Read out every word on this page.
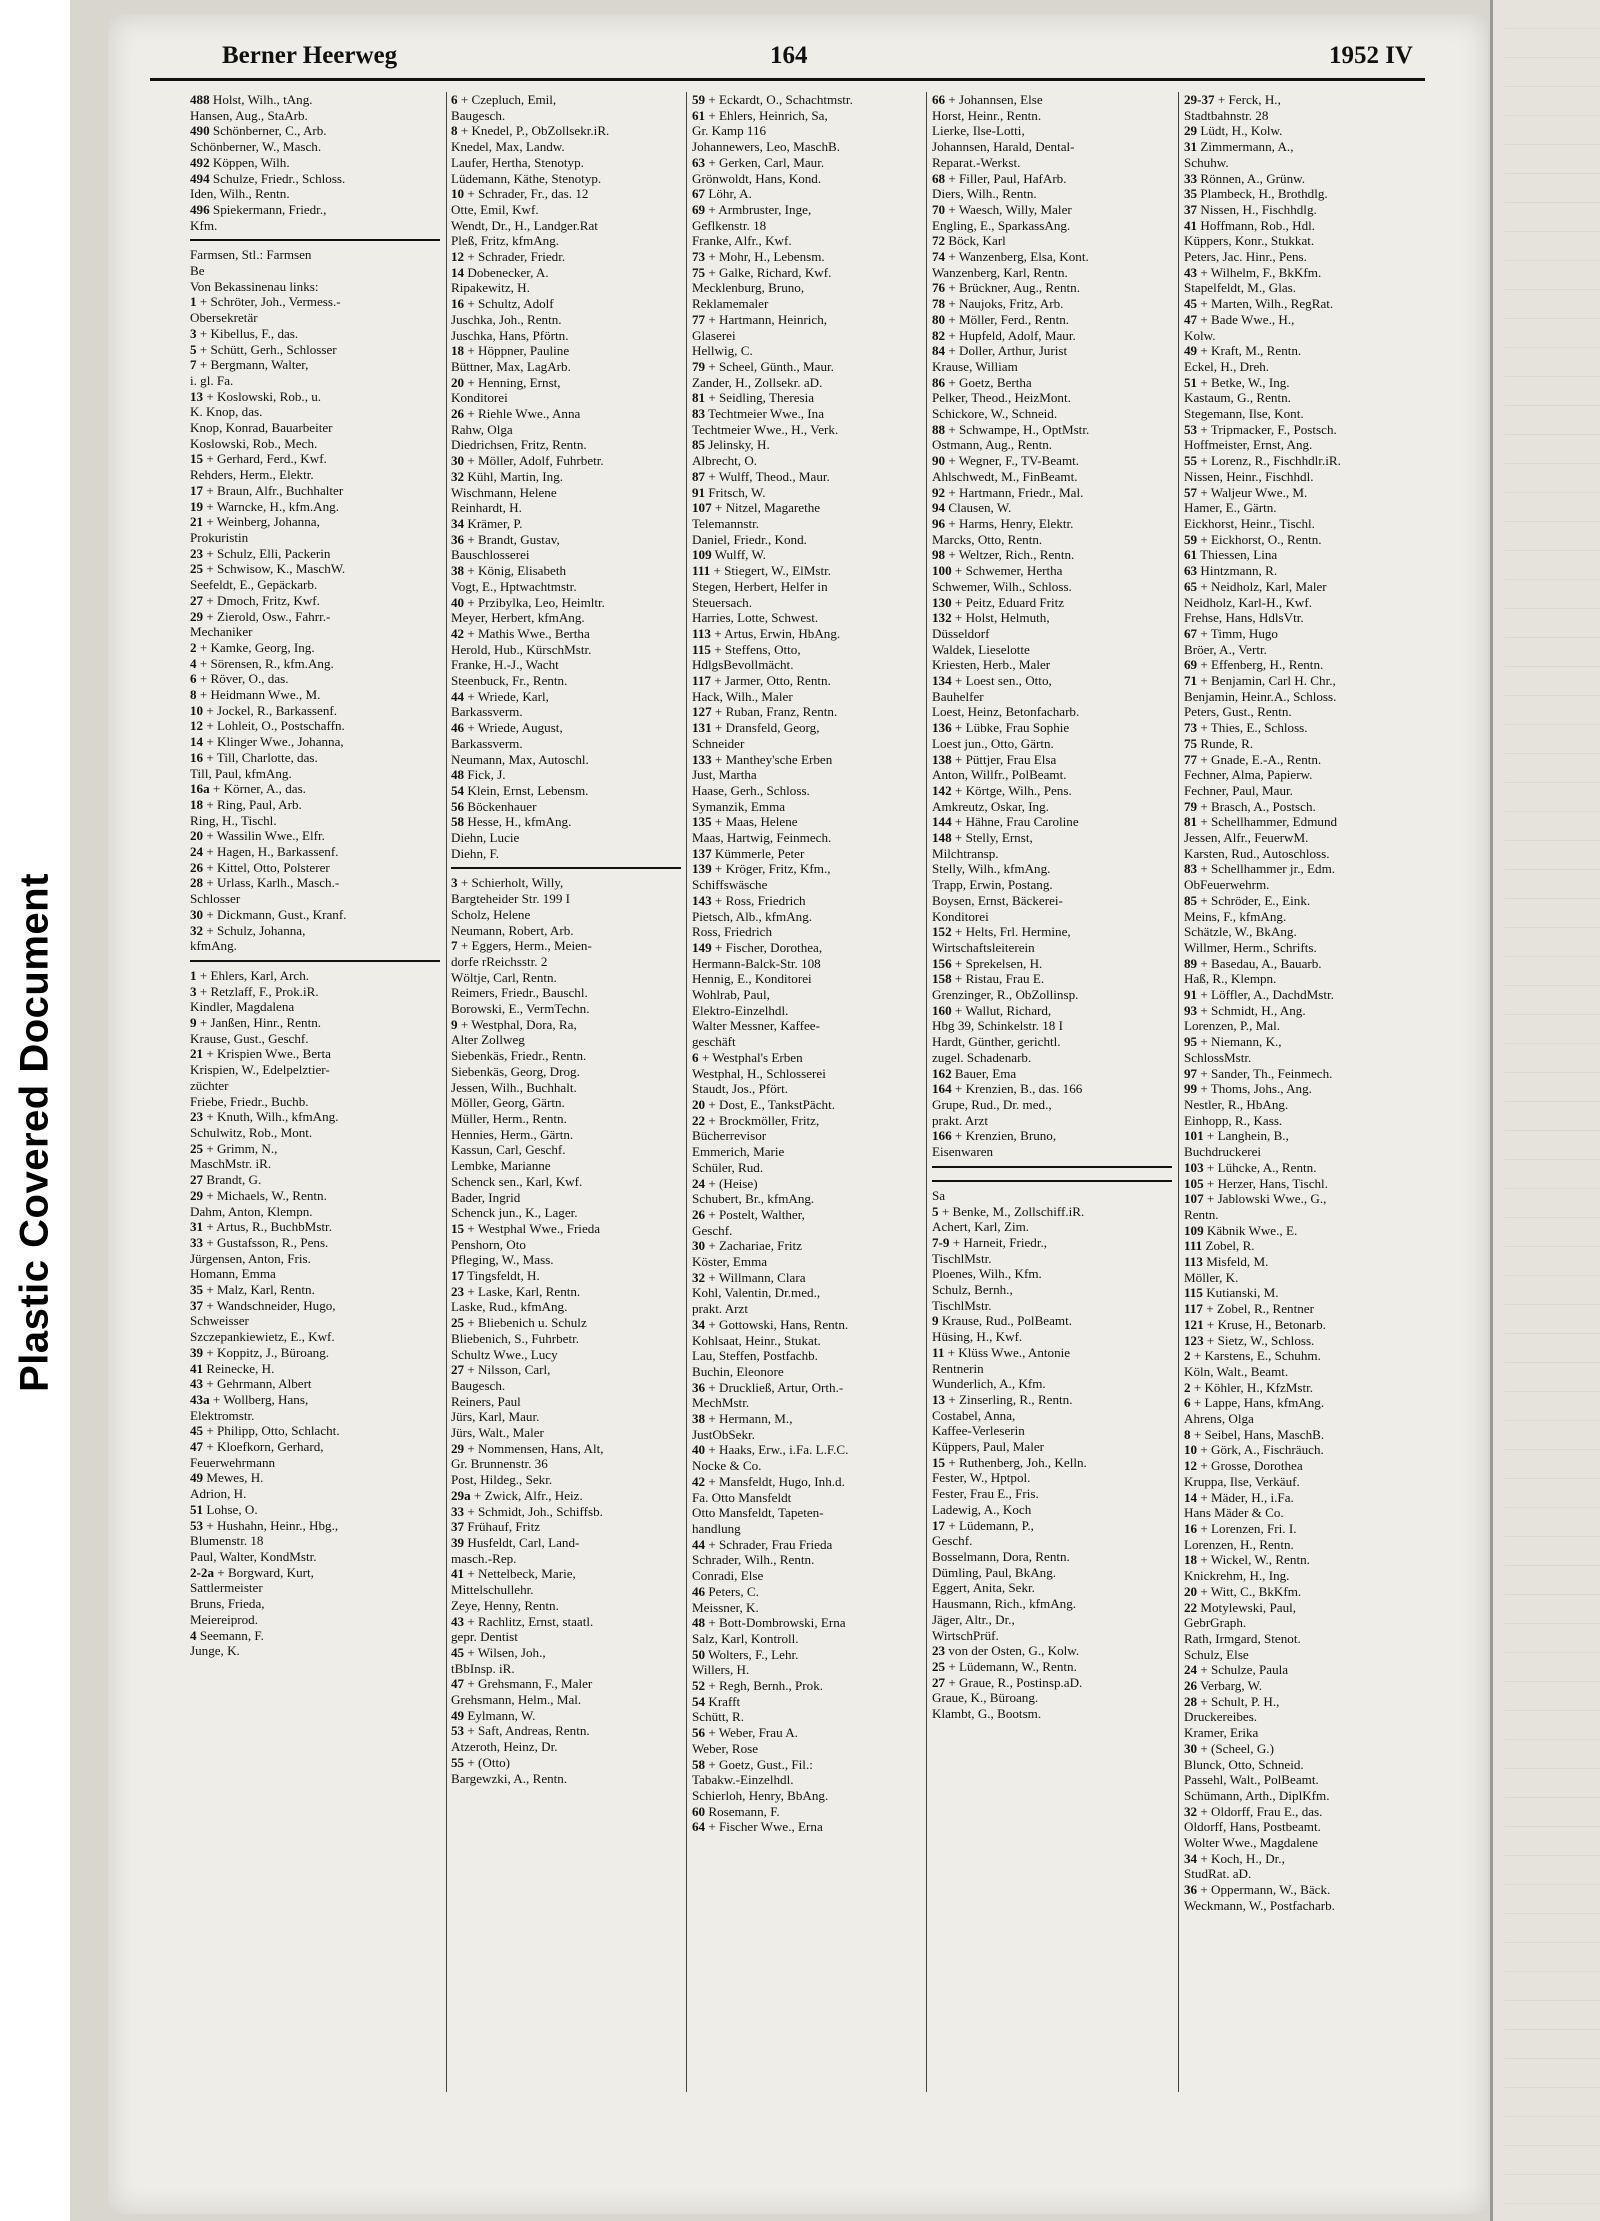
Plastic Covered Document
Berner Heerweg	164	1952 IV
488 Holst, Wilh., tAng.
Hansen, Aug., StaArb.
490 Schönberner, C., Arb.
Schönberner, W., Masch.
492 Köppen, Wilh.
494 Schulze, Friedr., Schloss.
Iden, Wilh., Rentn.
496 Spiekermann, Friedr.,
Kfm.
Farmsen, Stl.: Farmsen
Be
Von Bekassinenau links:
1 + Schröter, Joh., Vermess.-
Obersekretär
3 + Kibellus, F., das.
5 + Schütt, Gerh., Schlosser
7 + Bergmann, Walter,
i. gl. Fa.
13 + Koslowski, Rob., u.
K. Knop, das.
Knop, Konrad, Bauarbeiter
Koslowski, Rob., Mech.
15 + Gerhard, Ferd., Kwf.
Rehders, Herm., Elektr.
17 + Braun, Alfr., Buchhalter
19 + Warncke, H., kfm.Ang.
21 + Weinberg, Johanna,
Prokuristin
23 + Schulz, Elli, Packerin
25 + Schwisow, K., MaschW.
Seefeldt, E., Gepäckarb.
27 + Dmoch, Fritz, Kwf.
29 + Zierold, Osw., Fahrr.-
Mechaniker
2 + Kamke, Georg, Ing.
4 + Sörensen, R., kfm.Ang.
6 + Röver, O., das.
8 + Heidmann Wwe., M.
10 + Jockel, R., Barkassenf.
12 + Lohleit, O., Postschaffn.
14 + Klinger Wwe., Johanna,
16 + Till, Charlotte, das.
Till, Paul, kfmAng.
16a + Körner, A., das.
18 + Ring, Paul, Arb.
Ring, H., Tischl.
20 + Wassilin Wwe., Elfr.
24 + Hagen, H., Barkassenf.
26 + Kittel, Otto, Polsterer
28 + Urlass, Karlh., Masch.-
Schlosser
30 + Dickmann, Gust., Kranf.
32 + Schulz, Johanna,
kfmAng.
1 + Ehlers, Karl, Arch.
3 + Retzlaff, F., Prok.iR.
Kindler, Magdalena
9 + Janßen, Hinr., Rentn.
Krause, Gust., Geschf.
21 + Krispien Wwe., Berta
Krispien, W., Edelpelztier-
züchter
Friebe, Friedr., Buchb.
23 + Knuth, Wilh., kfmAng.
Schulwitz, Rob., Mont.
25 + Grimm, N.,
MaschMstr. iR.
27 Brandt, G.
29 + Michaels, W., Rentn.
Dahm, Anton, Klempn.
31 + Artus, R., BuchbMstr.
33 + Gustafsson, R., Pens.
Jürgensen, Anton, Fris.
Homann, Emma
35 + Malz, Karl, Rentn.
37 + Wandschneider, Hugo,
Schweisser
Szczepankiewietz, E., Kwf.
39 + Koppitz, J., Büroang.
41 Reinecke, H.
43 + Gehrmann, Albert
43a + Wollberg, Hans,
Elektromstr.
45 + Philipp, Otto, Schlacht.
47 + Kloefkorn, Gerhard,
Feuerwehrmann
49 Mewes, H.
Adrion, H.
51 Lohse, O.
53 + Hushahn, Heinr., Hbg.,
Blumenstr. 18
Paul, Walter, KondMstr.
2-2a + Borgward, Kurt,
Sattlermeister
Bruns, Frieda,
Meiereiprod.
4 Seemann, F.
Junge, K.
6 + Czepluch, Emil,
Baugesch.
8 + Knedel, P., ObZollsekr.iR.
Knedel, Max, Landw.
Laufer, Hertha, Stenotyp.
Lüdemann, Käthe, Stenotyp.
10 + Schrader, Fr., das. 12
Otte, Emil, Kwf.
Wendt, Dr., H., Landger.Rat
Pleß, Fritz, kfmAng.
12 + Schrader, Friedr.
14 Dobenecker, A.
Ripakewitz, H.
16 + Schultz, Adolf
Juschka, Joh., Rentn.
Juschka, Hans, Pförtn.
18 + Höppner, Pauline
Büttner, Max, LagArb.
20 + Henning, Ernst,
Konditorei
26 + Riehle Wwe., Anna
Rahw, Olga
Diedrichsen, Fritz, Rentn.
30 + Möller, Adolf, Fuhrbetr.
32 Kühl, Martin, Ing.
Wischmann, Helene
Reinhardt, H.
34 Krämer, P.
36 + Brandt, Gustav,
Bauschlosserei
38 + König, Elisabeth
Vogt, E., Hptwachtmstr.
40 + Przibylka, Leo, Heimltr.
Meyer, Herbert, kfmAng.
42 + Mathis Wwe., Bertha
Herold, Hub., KürschMstr.
Franke, H.-J., Wacht
Steenbuck, Fr., Rentn.
44 + Wriede, Karl,
Barkassverm.
46 + Wriede, August,
Barkassverm.
Neumann, Max, Autoschl.
48 Fick, J.
54 Klein, Ernst, Lebensm.
56 Böckenhauer
58 Hesse, H., kfmAng.
Diehn, Lucie
Diehn, F.
3 + Schierholt, Willy,
Bargteheider Str. 199 I
Scholz, Helene
Neumann, Robert, Arb.
7 + Eggers, Herm., Meien-
dorfe rReichsstr. 2
Wöltje, Carl, Rentn.
Reimers, Friedr., Bauschl.
Borowski, E., VermTechn.
9 + Westphal, Dora, Ra,
Alter Zollweg
Siebenkäs, Friedr., Rentn.
Siebenkäs, Georg, Drog.
Jessen, Wilh., Buchhalt.
Möller, Georg, Gärtn.
Müller, Herm., Rentn.
Hennies, Herm., Gärtn.
Kassun, Carl, Geschf.
Lembke, Marianne
Schenck sen., Karl, Kwf.
Bader, Ingrid
Schenck jun., K., Lager.
15 + Westphal Wwe., Frieda
Penshorn, Oto
Pfleging, W., Mass.
17 Tingsfeldt, H.
23 + Laske, Karl, Rentn.
Laske, Rud., kfmAng.
25 + Bliebenich u. Schulz
Bliebenich, S., Fuhrbetr.
Schultz Wwe., Lucy
27 + Nilsson, Carl,
Baugesch.
Reiners, Paul
Jürs, Karl, Maur.
Jürs, Walt., Maler
29 + Nommensen, Hans, Alt,
Gr. Brunnenstr. 36
Post, Hildeg., Sekr.
29a + Zwick, Alfr., Heiz.
33 + Schmidt, Joh., Schiffsb.
37 Frühauf, Fritz
39 Husfeldt, Carl, Land-
masch.-Rep.
41 + Nettelbeck, Marie,
Mittelschullehr.
Zeye, Henny, Rentn.
43 + Rachlitz, Ernst, staatl.
gepr. Dentist
45 + Wilsen, Joh.,
tBbInsp. iR.
47 + Grehsmann, F., Maler
Grehsmann, Helm., Mal.
49 Eylmann, W.
53 + Saft, Andreas, Rentn.
Atzeroth, Heinz, Dr.
55 + (Otto)
Bargewzki, A., Rentn.
59 + Eckardt, O., Schachtmstr.
61 + Ehlers, Heinrich, Sa,
Gr. Kamp 116
Johannewers, Leo, MaschB.
63 + Gerken, Carl, Maur.
Grönwoldt, Hans, Kond.
67 Löhr, A.
69 + Armbruster, Inge,
Geflkenstr. 18
Franke, Alfr., Kwf.
73 + Mohr, H., Lebensm.
75 + Galke, Richard, Kwf.
Mecklenburg, Bruno,
Reklamemaler
77 + Hartmann, Heinrich,
Glaserei
Hellwig, C.
79 + Scheel, Günth., Maur.
Zander, H., Zollsekr. aD.
81 + Seidling, Theresia
83 Techtmeier Wwe., Ina
Techtmeier Wwe., H., Verk.
85 Jelinsky, H.
Albrecht, O.
87 + Wulff, Theod., Maur.
91 Fritsch, W.
107 + Nitzel, Magarethe
Telemannstr.
Daniel, Friedr., Kond.
109 Wulff, W.
111 + Stiegert, W., ElMstr.
Stegen, Herbert, Helfer in
Steuersach.
Harries, Lotte, Schwest.
113 + Artus, Erwin, HbAng.
115 + Steffens, Otto,
HdlgsBevollmächt.
117 + Jarmer, Otto, Rentn.
Hack, Wilh., Maler
127 + Ruban, Franz, Rentn.
131 + Dransfeld, Georg,
Schneider
133 + Manthey'sche Erben
Just, Martha
Haase, Gerh., Schloss.
Symanzik, Emma
135 + Maas, Helene
Maas, Hartwig, Feinmech.
137 Kümmerle, Peter
139 + Kröger, Fritz, Kfm.,
Schiffswäsche
143 + Ross, Friedrich
Pietsch, Alb., kfmAng.
Ross, Friedrich
149 + Fischer, Dorothea,
Hermann-Balck-Str. 108
Hennig, E., Konditorei
Wohlrab, Paul,
Elektro-Einzelhdl.
Walter Messner, Kaffee-
geschäft
6 + Westphal's Erben
Westphal, H., Schlosserei
Staudt, Jos., Pfört.
20 + Dost, E., TankstPächt.
22 + Brockmöller, Fritz,
Bücherrevisor
Emmerich, Marie
Schüler, Rud.
24 + (Heise)
Schubert, Br., kfmAng.
26 + Postelt, Walther,
Geschf.
30 + Zachariae, Fritz
Köster, Emma
32 + Willmann, Clara
Kohl, Valentin, Dr.med.,
prakt. Arzt
34 + Gottowski, Hans, Rentn.
Kohlsaat, Heinr., Stukat.
Lau, Steffen, Postfachb.
Buchin, Eleonore
36 + Druckließ, Artur, Orth.-
MechMstr.
38 + Hermann, M.,
JustObSekr.
40 + Haaks, Erw., i.Fa. L.F.C.
Nocke & Co.
42 + Mansfeldt, Hugo, Inh.d.
Fa. Otto Mansfeldt
Otto Mansfeldt, Tapeten-
handlung
44 + Schrader, Frau Frieda
Schrader, Wilh., Rentn.
Conradi, Else
46 Peters, C.
Meissner, K.
48 + Bott-Dombrowski, Erna
Salz, Karl, Kontroll.
50 Wolters, F., Lehr.
Willers, H.
52 + Regh, Bernh., Prok.
54 Krafft
Schütt, R.
56 + Weber, Frau A.
Weber, Rose
58 + Goetz, Gust., Fil.:
Tabakw.-Einzelhdl.
Schierloh, Henry, BbAng.
60 Rosemann, F.
64 + Fischer Wwe., Erna
66 + Johannsen, Else
Horst, Heinr., Rentn.
Lierke, Ilse-Lotti,
Johannsen, Harald, Dental-
Reparat.-Werkst.
68 + Filler, Paul, HafArb.
Diers, Wilh., Rentn.
70 + Waesch, Willy, Maler
Engling, E., SparkassAng.
72 Böck, Karl
74 + Wanzenberg, Elsa, Kont.
Wanzenberg, Karl, Rentn.
76 + Brückner, Aug., Rentn.
78 + Naujoks, Fritz, Arb.
80 + Möller, Ferd., Rentn.
82 + Hupfeld, Adolf, Maur.
84 + Doller, Arthur, Jurist
Krause, William
86 + Goetz, Bertha
Pelker, Theod., HeizMont.
Schickore, W., Schneid.
88 + Schwampe, H., OptMstr.
Ostmann, Aug., Rentn.
90 + Wegner, F., TV-Beamt.
Ahlschwedt, M., FinBeamt.
92 + Hartmann, Friedr., Mal.
94 Clausen, W.
96 + Harms, Henry, Elektr.
Marcks, Otto, Rentn.
98 + Weltzer, Rich., Rentn.
100 + Schwemer, Hertha
Schwemer, Wilh., Schloss.
130 + Peitz, Eduard Fritz
132 + Holst, Helmuth,
Düsseldorf
Waldek, Lieselotte
Kriesten, Herb., Maler
134 + Loest sen., Otto,
Bauhelfer
Loest, Heinz, Betonfacharb.
136 + Lübke, Frau Sophie
Loest jun., Otto, Gärtn.
138 + Püttjer, Frau Elsa
Anton, Willfr., PolBeamt.
142 + Körtge, Wilh., Pens.
Amkreutz, Oskar, Ing.
144 + Hähne, Frau Caroline
148 + Stelly, Ernst,
Milchtransp.
Stelly, Wilh., kfmAng.
Trapp, Erwin, Postang.
Boysen, Ernst, Bäckerei-
Konditorei
152 + Helts, Frl. Hermine,
Wirtschaftsleiterein
156 + Sprekelsen, H.
158 + Ristau, Frau E.
Grenzinger, R., ObZollinsp.
160 + Wallut, Richard,
Hbg 39, Schinkelstr. 18 I
Hardt, Günther, gerichtl.
zugel. Schadenarb.
162 Bauer, Ema
164 + Krenzien, B., das. 166
Grupe, Rud., Dr. med.,
prakt. Arzt
166 + Krenzien, Bruno,
Eisenwaren
Sa
5 + Benke, M., Zollschiff.iR.
Achert, Karl, Zim.
7-9 + Harneit, Friedr.,
TischlMstr.
Ploenes, Wilh., Kfm.
Schulz, Bernh.,
TischlMstr.
9 Krause, Rud., PolBeamt.
Hüsing, H., Kwf.
11 + Klüss Wwe., Antonie
Rentnerin
Wunderlich, A., Kfm.
13 + Zinserling, R., Rentn.
Costabel, Anna,
Kaffee-Verleserin
Küppers, Paul, Maler
15 + Ruthenberg, Joh., Kelln.
Fester, W., Hptpol.
Fester, Frau E., Fris.
Ladewig, A., Koch
17 + Lüdemann, P.,
Geschf.
Bosselmann, Dora, Rentn.
Dümling, Paul, BkAng.
Eggert, Anita, Sekr.
Hausmann, Rich., kfmAng.
Jäger, Altr., Dr.,
WirtschPrüf.
23 von der Osten, G., Kolw.
25 + Lüdemann, W., Rentn.
27 + Graue, R., Postinsp.aD.
Graue, K., Büroang.
Klambt, G., Bootsm.
29-37 + Ferck, H.,
Stadtbahnstr. 28
29 Lüdt, H., Kolw.
31 Zimmermann, A.,
Schuhw.
33 Rönnen, A., Grünw.
35 Plambeck, H., Brothdlg.
37 Nissen, H., Fischhdlg.
41 Hoffmann, Rob., Hdl.
Küppers, Konr., Stukkat.
Peters, Jac. Hinr., Pens.
43 + Wilhelm, F., BkKfm.
Stapelfeldt, M., Glas.
45 + Marten, Wilh., RegRat.
47 + Bade Wwe., H.,
Kolw.
49 + Kraft, M., Rentn.
Eckel, H., Dreh.
51 + Betke, W., Ing.
Kastaum, G., Rentn.
Stegemann, Ilse, Kont.
53 + Tripmacker, F., Postsch.
Hoffmeister, Ernst, Ang.
55 + Lorenz, R., Fischhdlr.iR.
Nissen, Heinr., Fischhdl.
57 + Waljeur Wwe., M.
Hamer, E., Gärtn.
Eickhorst, Heinr., Tischl.
59 + Eickhorst, O., Rentn.
61 Thiessen, Lina
63 Hintzmann, R.
65 + Neidholz, Karl, Maler
Neidholz, Karl-H., Kwf.
Frehse, Hans, HdlsVtr.
67 + Timm, Hugo
Bröer, A., Vertr.
69 + Effenberg, H., Rentn.
71 + Benjamin, Carl H. Chr.,
Benjamin, Heinr.A., Schloss.
Peters, Gust., Rentn.
73 + Thies, E., Schloss.
75 Runde, R.
77 + Gnade, E.-A., Rentn.
Fechner, Alma, Papierw.
Fechner, Paul, Maur.
79 + Brasch, A., Postsch.
81 + Schellhammer, Edmund
Jessen, Alfr., FeuerwM.
Karsten, Rud., Autoschloss.
83 + Schellhammer jr., Edm.
ObFeuerwehrm.
85 + Schröder, E., Eink.
Meins, F., kfmAng.
Schätzle, W., BkAng.
Willmer, Herm., Schrifts.
89 + Basedau, A., Bauarb.
Haß, R., Klempn.
91 + Löffler, A., DachdMstr.
93 + Schmidt, H., Ang.
Lorenzen, P., Mal.
95 + Niemann, K.,
SchlossMstr.
97 + Sander, Th., Feinmech.
99 + Thoms, Johs., Ang.
Nestler, R., HbAng.
Einhopp, R., Kass.
101 + Langhein, B.,
Buchdruckerei
103 + Lühcke, A., Rentn.
105 + Herzer, Hans, Tischl.
107 + Jablowski Wwe., G.,
Rentn.
109 Käbnik Wwe., E.
111 Zobel, R.
113 Misfeld, M.
Möller, K.
115 Kutianski, M.
117 + Zobel, R., Rentner
121 + Kruse, H., Betonarb.
123 + Sietz, W., Schloss.
2 + Karstens, E., Schuhm.
Köln, Walt., Beamt.
2 + Köhler, H., KfzMstr.
6 + Lappe, Hans, kfmAng.
Ahrens, Olga
8 + Seibel, Hans, MaschB.
10 + Görk, A., Fischräuch.
12 + Grosse, Dorothea
Kruppa, Ilse, Verkäuf.
14 + Mäder, H., i.Fa.
Hans Mäder & Co.
16 + Lorenzen, Fri. I.
Lorenzen, H., Rentn.
18 + Wickel, W., Rentn.
Knickrehm, H., Ing.
20 + Witt, C., BkKfm.
22 Motylewski, Paul,
GebrGraph.
Rath, Irmgard, Stenot.
Schulz, Else
24 + Schulze, Paula
26 Verbarg, W.
28 + Schult, P. H.,
Druckereibes.
Kramer, Erika
30 + (Scheel, G.)
Blunck, Otto, Schneid.
Passehl, Walt., PolBeamt.
Schümann, Arth., DiplKfm.
32 + Oldorff, Frau E., das.
Oldorff, Hans, Postbeamt.
Wolter Wwe., Magdalene
34 + Koch, H., Dr.,
StudRat. aD.
36 + Oppermann, W., Bäck.
Weckmann, W., Postfacharb.
